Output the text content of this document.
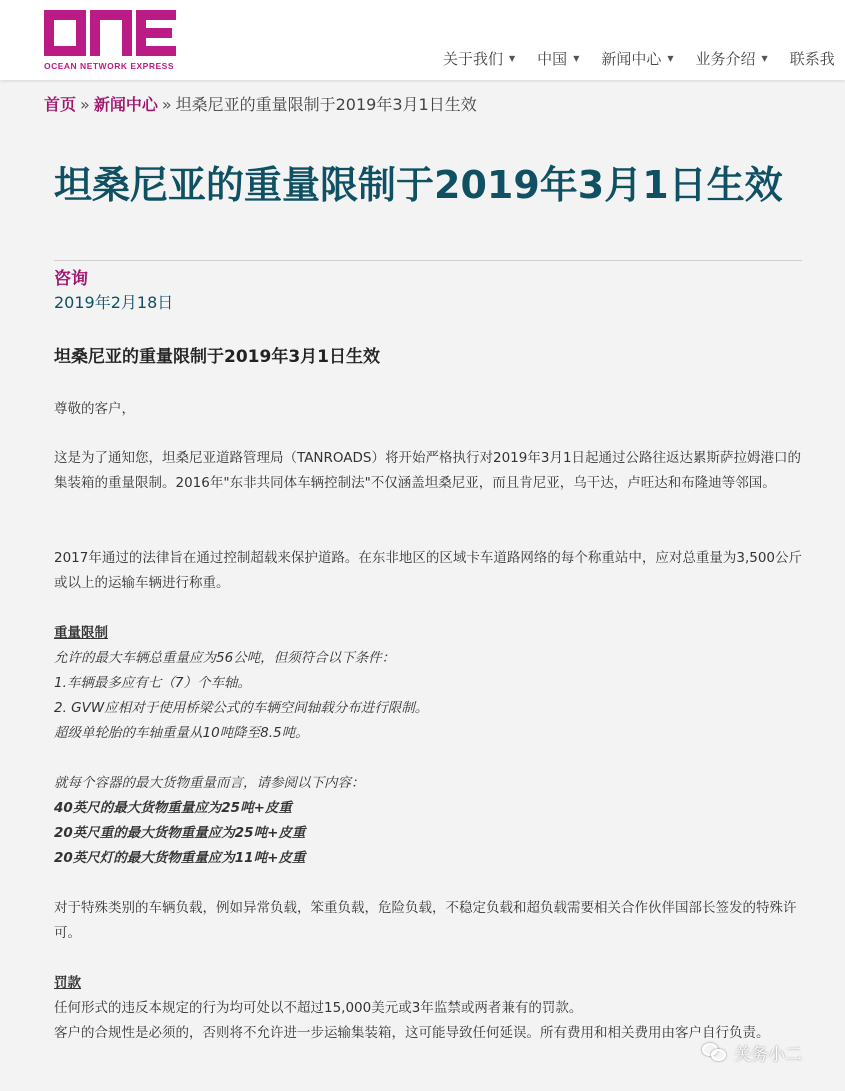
OCEAN NETWORK EXPRESS	关于我们 ▼ 中国 ▼ 新闻中心 ▼ 业务介绍 ▼ 联系我
首页 » 新闻中心 » 坦桑尼亚的重量限制于2019年3月1日生效
坦桑尼亚的重量限制于2019年3月1日生效
咨询
2019年2月18日
坦桑尼亚的重量限制于2019年3月1日生效
尊敬的客户，
这是为了通知您，坦桑尼亚道路管理局（TANROADS）将开始严格执行对2019年3月1日起通过公路往返达累斯萨拉姆港口的集装箱的重量限制。2016年"东非共同体车辆控制法"不仅涵盖坦桑尼亚，而且肯尼亚，乌干达，卢旺达和布隆迪等邻国。
2017年通过的法律旨在通过控制超载来保护道路。在东非地区的区域卡车道路网络的每个称重站中，应对总重量为3,500公斤或以上的运输车辆进行称重。
重量限制
允许的最大车辆总重量应为56公吨，但须符合以下条件：
1.车辆最多应有七（7）个车轴。
2. GVW应相对于使用桥梁公式的车辆空间轴载分布进行限制。
超级单轮胎的车轴重量从10吨降至8.5吨。
就每个容器的最大货物重量而言，请参阅以下内容：
40英尺的最大货物重量应为25吨+皮重
20英尺重的最大货物重量应为25吨+皮重
20英尺灯的最大货物重量应为11吨+皮重
对于特殊类别的车辆负载，例如异常负载，笨重负载，危险负载，不稳定负载和超负载需要相关合作伙伴国部长签发的特殊许可。
罚款
任何形式的违反本规定的行为均可处以不超过15,000美元或3年监禁或两者兼有的罚款。
客户的合规性是必须的，否则将不允许进一步运输集装箱，这可能导致任何延误。所有费用和相关费用由客户自行负责。
关务小二
